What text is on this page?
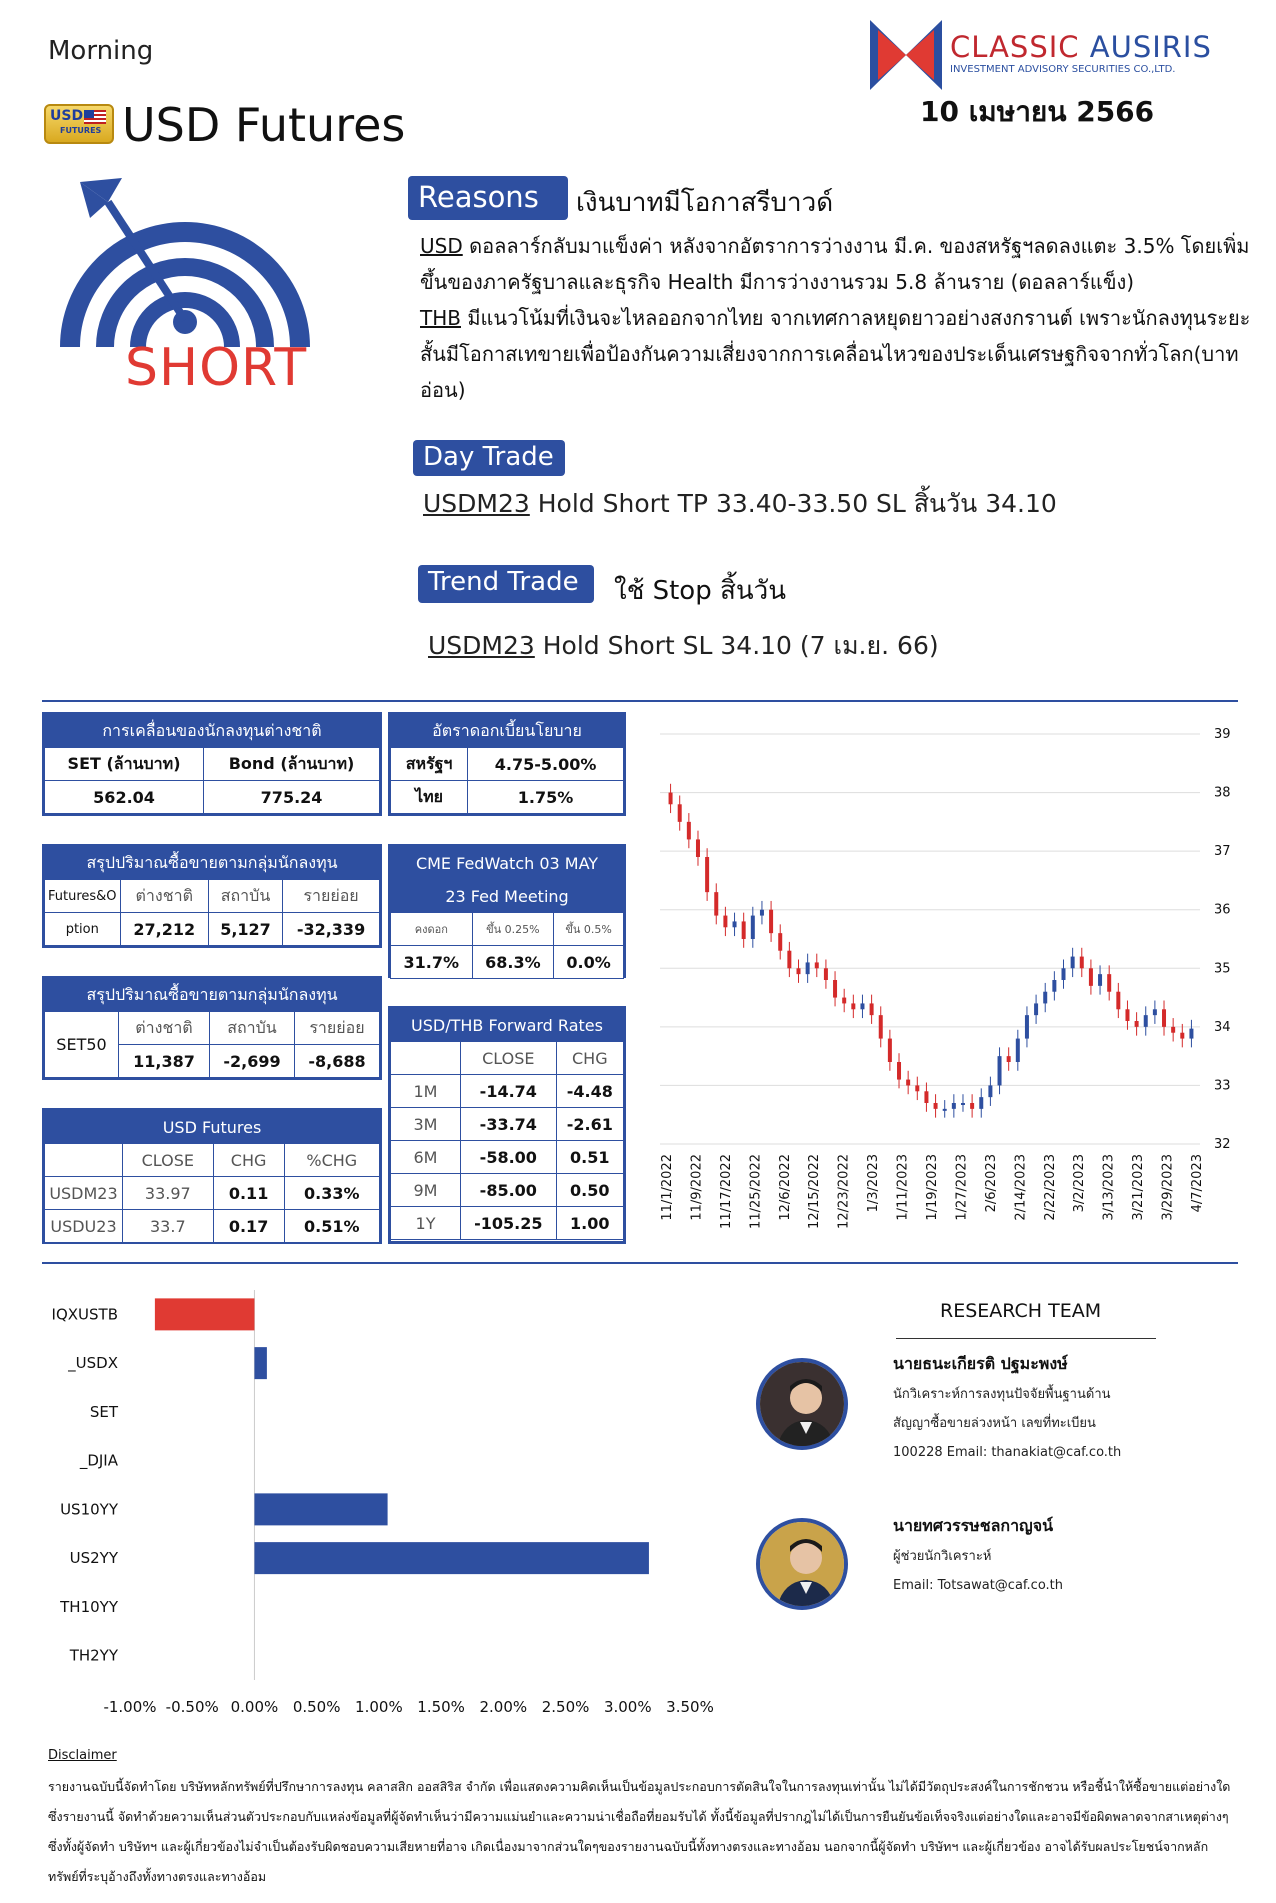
Morning
USD
FUTURES USD Futures
CLASSIC AUSIRIS
INVESTMENT ADVISORY SECURITIES CO.,LTD.
10 เมษายน 2566
SHORT
Reasons	เงินบาทมีโอกาสรีบาวด์
USD ดอลลาร์กลับมาแข็งค่า หลังจากอัตราการว่างงาน มี.ค. ของสหรัฐฯลดลงแตะ 3.5% โดยเพิ่มขึ้นของภาครัฐบาลและธุรกิจ Health มีการว่างงานรวม 5.8 ล้านราย (ดอลลาร์แข็ง)
THB มีแนวโน้มที่เงินจะไหลออกจากไทย จากเทศกาลหยุดยาวอย่างสงกรานต์ เพราะนักลงทุนระยะสั้นมีโอกาสเทขายเพื่อป้องกันความเสี่ยงจากการเคลื่อนไหวของประเด็นเศรษฐกิจจากทั่วโลก(บาทอ่อน)
Day Trade
USDM23 Hold Short TP 33.40-33.50 SL สิ้นวัน 34.10
Trend Trade	ใช้ Stop สิ้นวัน
USDM23 Hold Short SL 34.10 (7 เม.ย. 66)
การเคลื่อนของนักลงทุนต่างชาติ	
SET (ล้านบาท)	Bond (ล้านบาท)
562.04	775.24
อัตราดอกเบี้ยนโยบาย	
สหรัฐฯ	4.75-5.00%
ไทย	1.75%
สรุปปริมาณซื้อขายตามกลุ่มนักลงทุน			
Futures&O	ต่างชาติ	สถาบัน	รายย่อย
ption	27,212	5,127	-32,339
CME FedWatch 03 MAY		
23 Fed Meeting		
คงดอก	ขึ้น 0.25%	ขึ้น 0.5%
31.7%	68.3%	0.0%
สรุปปริมาณซื้อขายตามกลุ่มนักลงทุน			
SET50	ต่างชาติ	สถาบัน	รายย่อย
	11,387	-2,699	-8,688
USD/THB Forward Rates		
	CLOSE	CHG
1M	-14.74	-4.48
3M	-33.74	-2.61
6M	-58.00	0.51
9M	-85.00	0.50
1Y	-105.25	1.00
USD Futures			
	CLOSE	CHG	%CHG
USDM23	33.97	0.11	0.33%
USDU23	33.7	0.17	0.51%
39
38
37
36
35
34
33
32
11/1/2022 11/9/2022 11/17/2022 11/25/2022 12/6/2022 12/15/2022 12/23/2022 1/3/2023 1/11/2023 1/19/2023 1/27/2023 2/6/2023 2/14/2023 2/22/2023 3/2/2023 3/13/2023 3/21/2023 3/29/2023 4/7/2023
IQXUSTB
_USDX
SET
_DJIA
US10YY
US2YY
TH10YY
TH2YY
-1.00% -0.50% 0.00% 0.50% 1.00% 1.50% 2.00% 2.50% 3.00% 3.50%
RESEARCH TEAM
นายธนะเกียรติ ปฐมะพงษ์
นักวิเคราะห์การลงทุนปัจจัยพื้นฐานด้าน
สัญญาซื้อขายล่วงหน้า เลขที่ทะเบียน
100228 Email: thanakiat@caf.co.th
นายทศวรรษชลกาญจน์
ผู้ช่วยนักวิเคราะห์
Email: Totsawat@caf.co.th
Disclaimer
รายงานฉบับนี้จัดทำโดย บริษัทหลักทรัพย์ที่ปรึกษาการลงทุน คลาสสิก ออสสิริส จำกัด เพื่อแสดงความคิดเห็นเป็นข้อมูลประกอบการตัดสินใจในการลงทุนเท่านั้น ไม่ได้มีวัตถุประสงค์ในการชักชวน หรือชี้นำให้ซื้อขายแต่อย่างใด ซึ่งรายงานนี้ จัดทำด้วยความเห็นส่วนตัวประกอบกับแหล่งข้อมูลที่ผู้จัดทำเห็นว่ามีความแม่นยำและความน่าเชื่อถือที่ยอมรับได้ ทั้งนี้ข้อมูลที่ปรากฎไม่ได้เป็นการยืนยันข้อเท็จจริงแต่อย่างใดและอาจมีข้อผิดพลาดจากสาเหตุต่างๆ ซึ่งทั้งผู้จัดทำ บริษัทฯ และผู้เกี่ยวข้องไม่จำเป็นต้องรับผิดชอบความเสียหายที่อาจ เกิดเนื่องมาจากส่วนใดๆของรายงานฉบับนี้ทั้งทางตรงและทางอ้อม นอกจากนี้ผู้จัดทำ บริษัทฯ และผู้เกี่ยวข้อง อาจได้รับผลประโยชน์จากหลักทรัพย์ที่ระบุอ้างถึงทั้งทางตรงและทางอ้อม
